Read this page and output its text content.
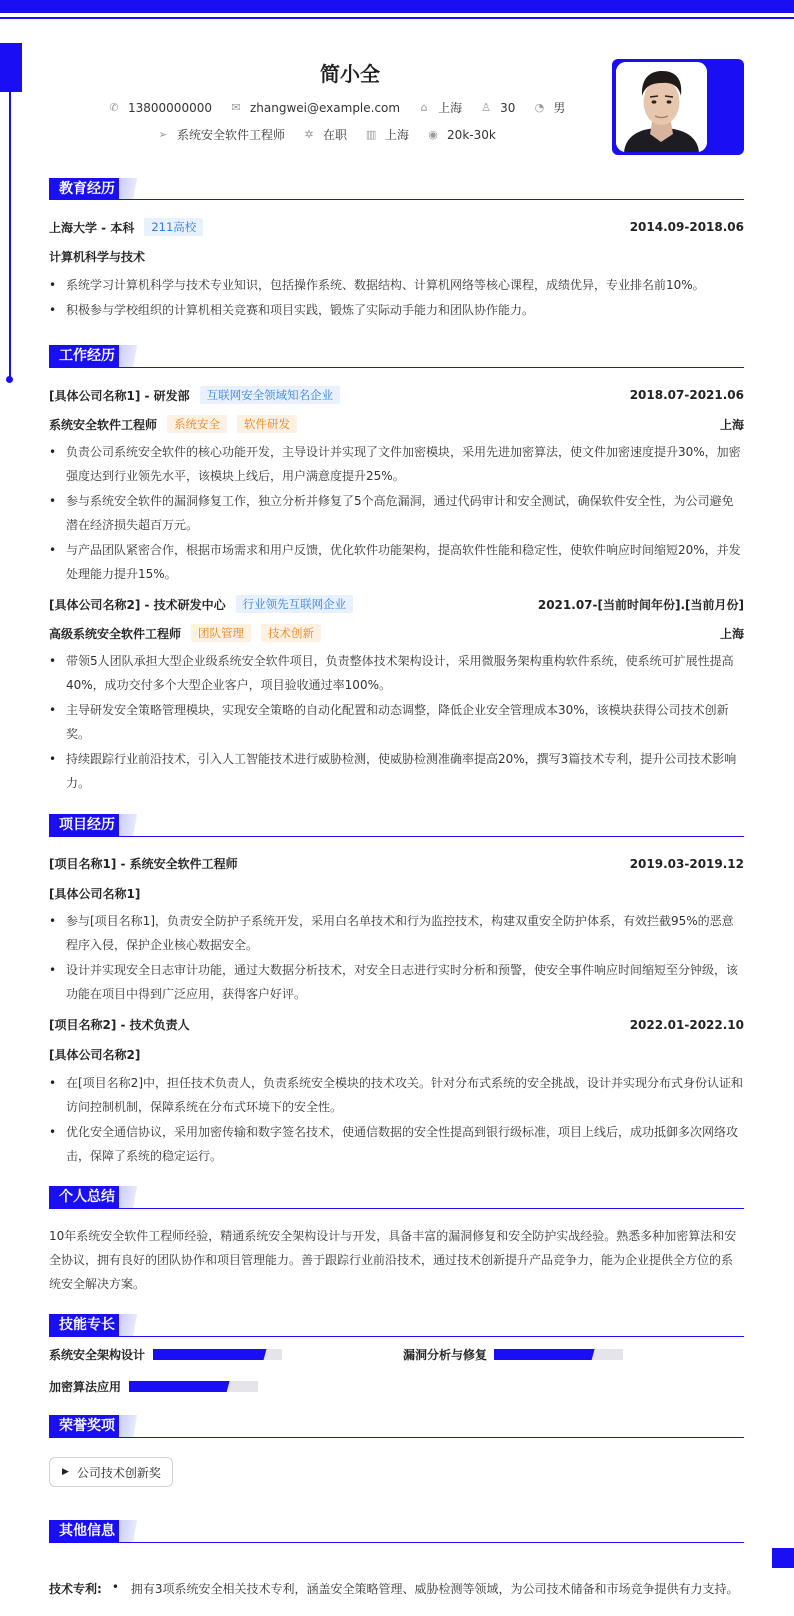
简小全
✆ 13800000000 ✉ zhangwei@example.com ⌂ 上海 ♙ 30 ◔ 男
➢ 系统安全软件工程师 ✲ 在职 ▥ 上海 ◉ 20k-30k
教育经历
上海大学 - 本科	211高校	2014.09-2018.06
计算机科学与技术
• 系统学习计算机科学与技术专业知识，包括操作系统、数据结构、计算机网络等核心课程，成绩优异，专业排名前10%。
• 积极参与学校组织的计算机相关竞赛和项目实践，锻炼了实际动手能力和团队协作能力。
工作经历
[具体公司名称1] - 研发部	互联网安全领域知名企业	2018.07-2021.06
系统安全软件工程师	系统安全	软件研发	上海
• 负责公司系统安全软件的核心功能开发，主导设计并实现了文件加密模块，采用先进加密算法，使文件加密速度提升30%，加密强度达到行业领先水平，该模块上线后，用户满意度提升25%。
• 参与系统安全软件的漏洞修复工作，独立分析并修复了5个高危漏洞，通过代码审计和安全测试，确保软件安全性，为公司避免潜在经济损失超百万元。
• 与产品团队紧密合作，根据市场需求和用户反馈，优化软件功能架构，提高软件性能和稳定性，使软件响应时间缩短20%，并发处理能力提升15%。
[具体公司名称2] - 技术研发中心	行业领先互联网企业	2021.07-[当前时间年份].[当前月份]
高级系统安全软件工程师	团队管理	技术创新	上海
• 带领5人团队承担大型企业级系统安全软件项目，负责整体技术架构设计，采用微服务架构重构软件系统，使系统可扩展性提高40%，成功交付多个大型企业客户，项目验收通过率100%。
• 主导研发安全策略管理模块，实现安全策略的自动化配置和动态调整，降低企业安全管理成本30%，该模块获得公司技术创新奖。
• 持续跟踪行业前沿技术，引入人工智能技术进行威胁检测，使威胁检测准确率提高20%，撰写3篇技术专利，提升公司技术影响力。
项目经历
[项目名称1] - 系统安全软件工程师	2019.03-2019.12
[具体公司名称1]
• 参与[项目名称1]，负责安全防护子系统开发，采用白名单技术和行为监控技术，构建双重安全防护体系，有效拦截95%的恶意程序入侵，保护企业核心数据安全。
• 设计并实现安全日志审计功能，通过大数据分析技术，对安全日志进行实时分析和预警，使安全事件响应时间缩短至分钟级，该功能在项目中得到广泛应用，获得客户好评。
[项目名称2] - 技术负责人	2022.01-2022.10
[具体公司名称2]
• 在[项目名称2]中，担任技术负责人，负责系统安全模块的技术攻关。针对分布式系统的安全挑战，设计并实现分布式身份认证和访问控制机制，保障系统在分布式环境下的安全性。
• 优化安全通信协议，采用加密传输和数字签名技术，使通信数据的安全性提高到银行级标准，项目上线后，成功抵御多次网络攻击，保障了系统的稳定运行。
个人总结
10年系统安全软件工程师经验，精通系统安全架构设计与开发，具备丰富的漏洞修复和安全防护实战经验。熟悉多种加密算法和安全协议，拥有良好的团队协作和项目管理能力。善于跟踪行业前沿技术，通过技术创新提升产品竞争力，能为企业提供全方位的系统安全解决方案。
技能专长
系统安全架构设计	漏洞分析与修复
加密算法应用
荣誉奖项
▶ 公司技术创新奖
其他信息
技术专利: • 拥有3项系统安全相关技术专利，涵盖安全策略管理、威胁检测等领域，为公司技术储备和市场竞争提供有力支持。
